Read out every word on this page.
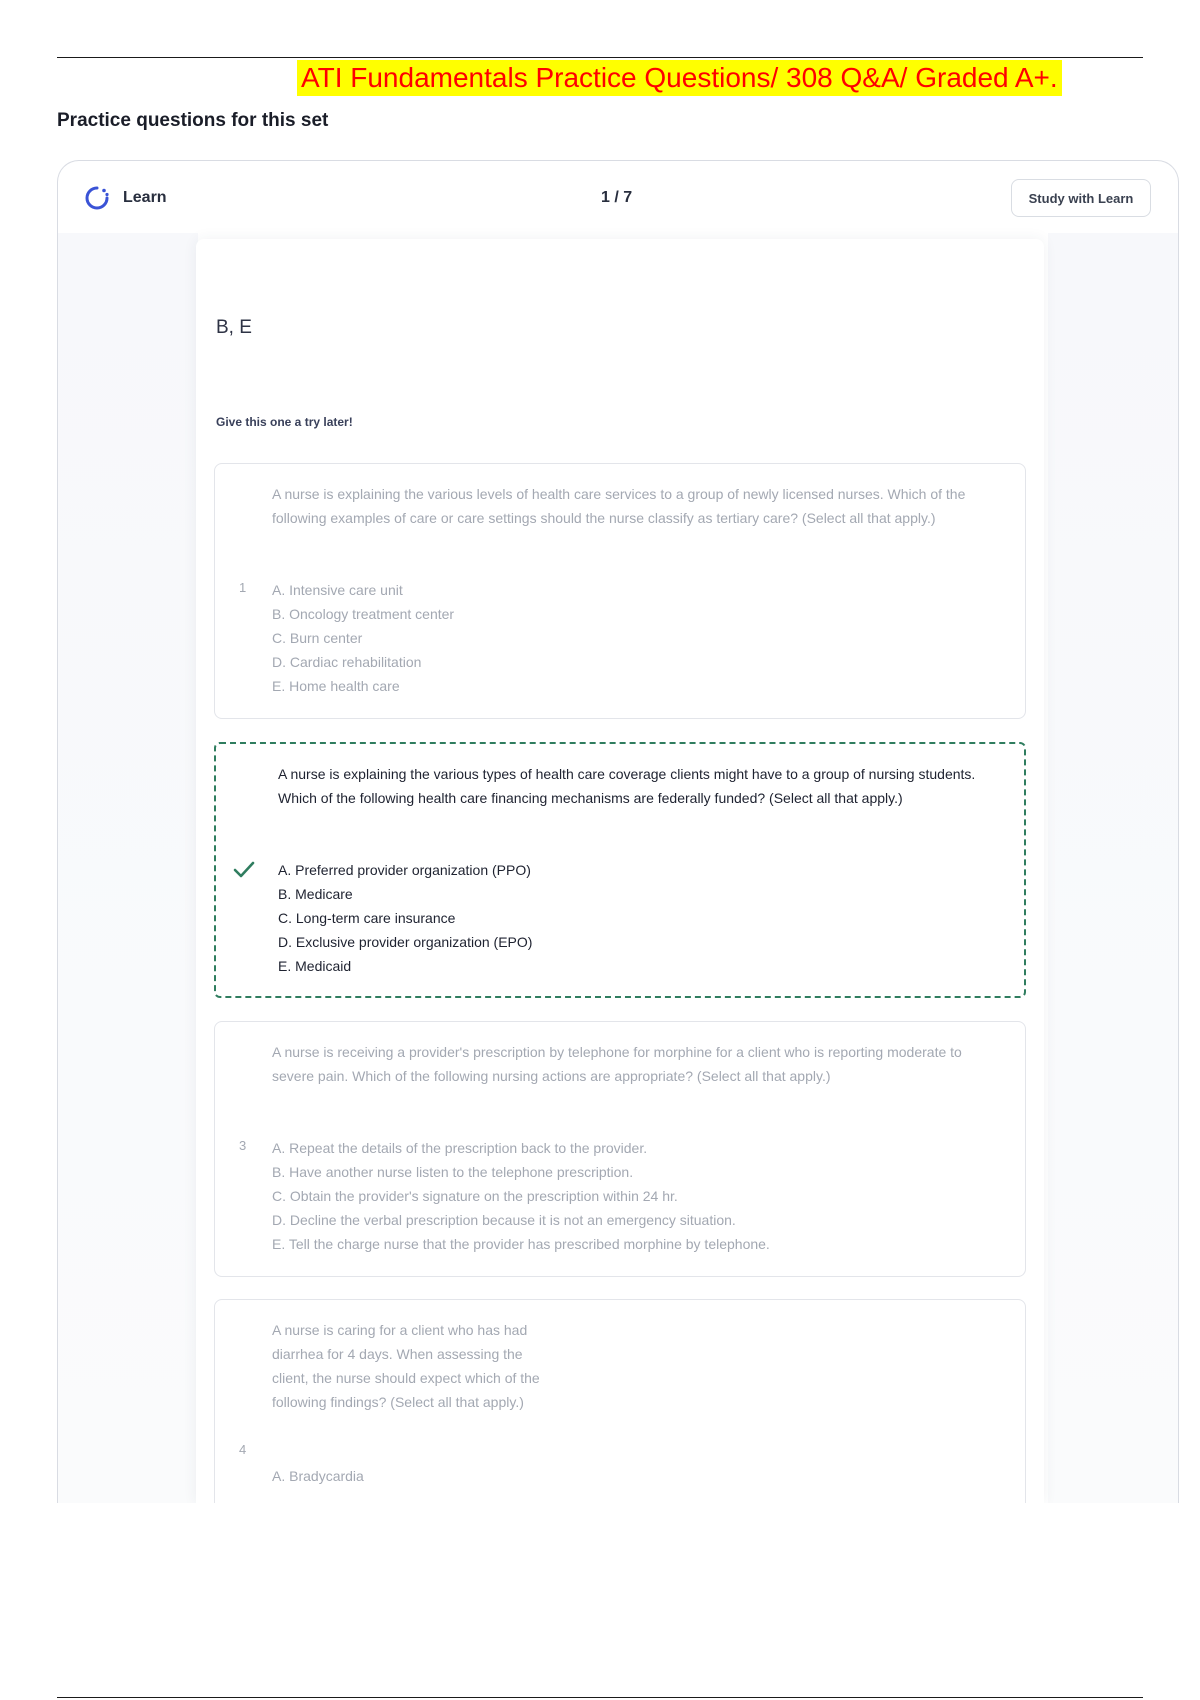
ATI Fundamentals Practice Questions/ 308 Q&A/ Graded A+.
Practice questions for this set
Learn	1 / 7	Study with Learn
B, E
Give this one a try later!
A nurse is explaining the various levels of health care services to a group of newly licensed nurses. Which of the following examples of care or care settings should the nurse classify as tertiary care? (Select all that apply.)
1 A. Intensive care unit
B. Oncology treatment center
C. Burn center
D. Cardiac rehabilitation
E. Home health care
A nurse is explaining the various types of health care coverage clients might have to a group of nursing students. Which of the following health care financing mechanisms are federally funded? (Select all that apply.)
A. Preferred provider organization (PPO)
B. Medicare
C. Long-term care insurance
D. Exclusive provider organization (EPO)
E. Medicaid
A nurse is receiving a provider's prescription by telephone for morphine for a client who is reporting moderate to severe pain. Which of the following nursing actions are appropriate? (Select all that apply.)
3 A. Repeat the details of the prescription back to the provider.
B. Have another nurse listen to the telephone prescription.
C. Obtain the provider's signature on the prescription within 24 hr.
D. Decline the verbal prescription because it is not an emergency situation.
E. Tell the charge nurse that the provider has prescribed morphine by telephone.
A nurse is caring for a client who has had diarrhea for 4 days. When assessing the client, the nurse should expect which of the following findings? (Select all that apply.)
4
A. Bradycardia
